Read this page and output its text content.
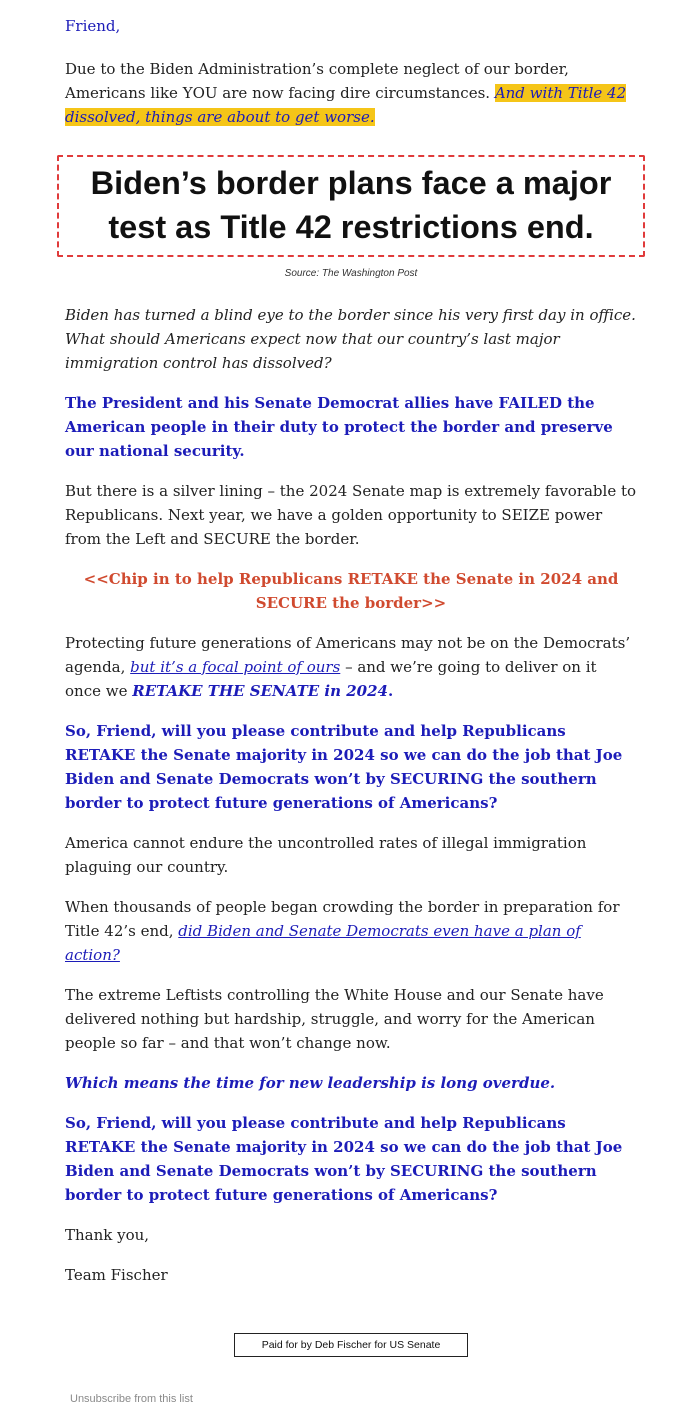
Friend,

Due to the Biden Administration’s complete neglect of our border, Americans like YOU are now facing dire circumstances. And with Title 42 dissolved, things are about to get worse.

Biden’s border plans face a major test as Title 42 restrictions end.
Source: The Washington Post

Biden has turned a blind eye to the border since his very first day in office. What should Americans expect now that our country’s last major immigration control has dissolved?

The President and his Senate Democrat allies have FAILED the American people in their duty to protect the border and preserve our national security.

But there is a silver lining – the 2024 Senate map is extremely favorable to Republicans. Next year, we have a golden opportunity to SEIZE power from the Left and SECURE the border.

<<Chip in to help Republicans RETAKE the Senate in 2024 and SECURE the border>>

Protecting future generations of Americans may not be on the Democrats’ agenda, but it’s a focal point of ours – and we’re going to deliver on it once we RETAKE THE SENATE in 2024.

So, Friend, will you please contribute and help Republicans RETAKE the Senate majority in 2024 so we can do the job that Joe Biden and Senate Democrats won’t by SECURING the southern border to protect future generations of Americans?

America cannot endure the uncontrolled rates of illegal immigration plaguing our country.

When thousands of people began crowding the border in preparation for Title 42’s end, did Biden and Senate Democrats even have a plan of action?

The extreme Leftists controlling the White House and our Senate have delivered nothing but hardship, struggle, and worry for the American people so far – and that won’t change now.

Which means the time for new leadership is long overdue.

So, Friend, will you please contribute and help Republicans RETAKE the Senate majority in 2024 so we can do the job that Joe Biden and Senate Democrats won’t by SECURING the southern border to protect future generations of Americans?

Thank you,

Team Fischer

Paid for by Deb Fischer for US Senate
Unsubscribe from this list
